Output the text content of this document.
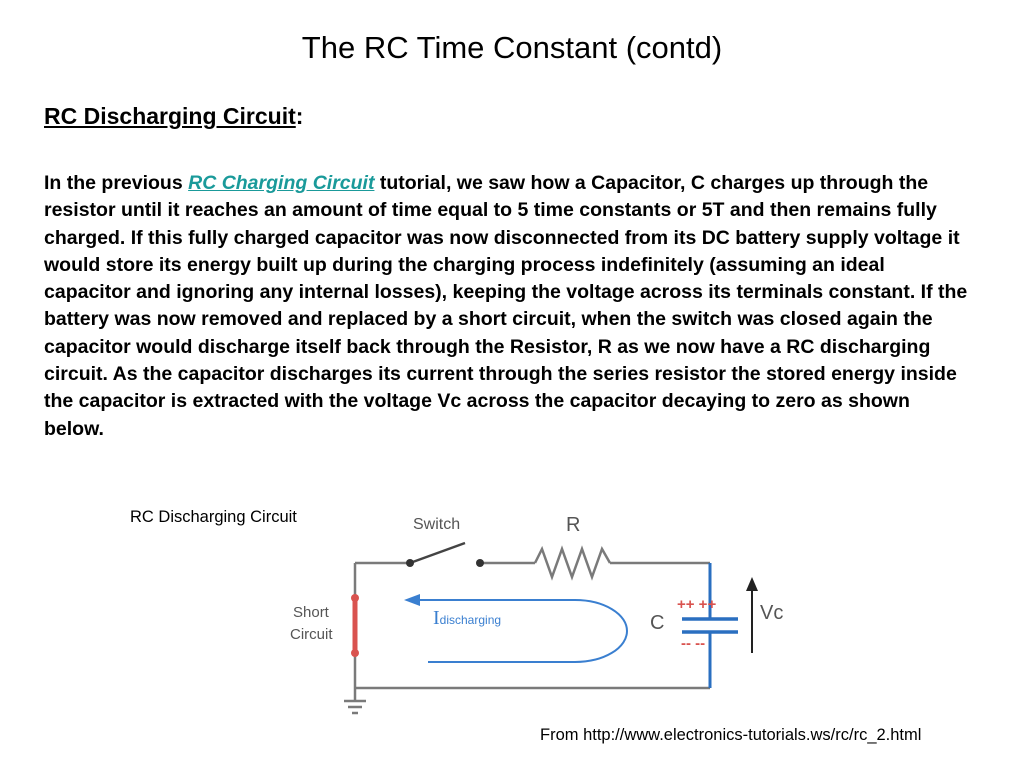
The RC Time Constant (contd)
RC Discharging Circuit:
In the previous RC Charging Circuit tutorial, we saw how a Capacitor, C charges up through the resistor until it reaches an amount of time equal to 5 time constants or 5T and then remains fully charged. If this fully charged capacitor was now disconnected from its DC battery supply voltage it would store its energy built up during the charging process indefinitely (assuming an ideal capacitor and ignoring any internal losses), keeping the voltage across its terminals constant. If the battery was now removed and replaced by a short circuit, when the switch was closed again the capacitor would discharge itself back through the Resistor, R as we now have a RC discharging circuit. As the capacitor discharges its current through the series resistor the stored energy inside the capacitor is extracted with the voltage Vc across the capacitor decaying to zero as shown below.
RC Discharging Circuit	Switch	R
Short
Circuit
Idischarging
++ ++
-- --
C	Vc
From http://www.electronics-tutorials.ws/rc/rc_2.html
